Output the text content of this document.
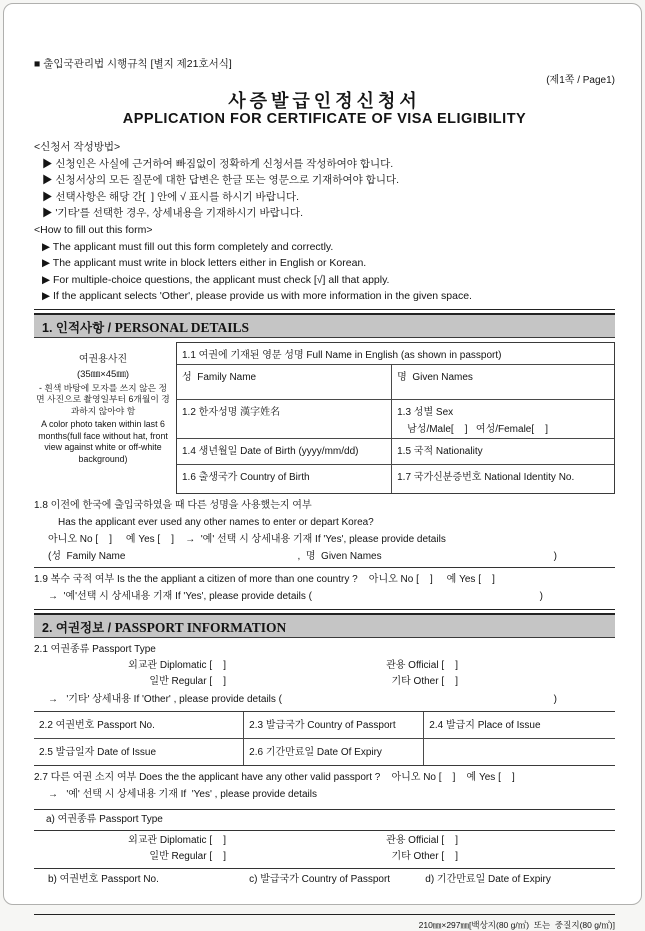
■ 출입국관리법 시행규칙 [별지 제21호서식]
(제1쪽 / Page1)
사증발급인정신청서
APPLICATION FOR CERTIFICATE OF VISA ELIGIBILITY
<신청서 작성방법>
▶ 신청인은 사실에 근거하여 빠짐없이 정확하게 신청서를 작성하여야 합니다.
▶ 신청서상의 모든 질문에 대한 답변은 한글 또는 영문으로 기재하여야 합니다.
▶ 선택사항은 해당 간[  ] 안에 √ 표시를 하시기 바랍니다.
▶ '기타'를 선택한 경우, 상세내용을 기재하시기 바랍니다.
<How to fill out this form>
▶ The applicant must fill out this form completely and correctly.
▶ The applicant must write in block letters either in English or Korean.
▶ For multiple-choice questions, the applicant must check [√] all that apply.
▶ If the applicant selects 'Other', please provide us with more information in the given space.
1. 인적사항 / PERSONAL DETAILS
여권용사진
(35㎜×45㎜)
- 흰색 바탕에 모자를 쓰지 않은 정면 사진으로 촬영일부터 6개월이 경과하지 않아야 함
A color photo taken within last 6 months(full face without hat, front view against white or off-white background)
1.1 여권에 기재된 영문 성명 Full Name in English (as shown in passport)
성  Family Name	명  Given Names
1.2 한자성명 漢字姓名	1.3 성별 Sex
남성/Male[    ]   여성/Female[    ]
1.4 생년월일 Date of Birth (yyyy/mm/dd)	1.5 국적 Nationality
1.6 출생국가 Country of Birth	1.7 국가신분증번호 National Identity No.
1.8 이전에 한국에 출입국하였을 때 다른 성명을 사용했는지 여부
Has the applicant ever used any other names to enter or depart Korea?
아니오 No [    ]     예 Yes [    ]    →  '예' 선택 시 상세내용 기재 If 'Yes', please provide details
(성  Family Name	,  명  Given Names	)
1.9 복수 국적 여부 Is the the appliant a citizen of more than one country ?    아니오 No [    ]     예 Yes [    ]
→  '예'선택 시 상세내용 기재 If 'Yes', please provide details (	)
2. 여권정보 / PASSPORT INFORMATION
2.1 여권종류 Passport Type
외교관 Diplomatic [    ]	관용 Official [    ]
일반 Regular [    ]	기타 Other [    ]
→   '기타' 상세내용 If 'Other' , please provide details (	)
2.2 여권번호 Passport No.	2.3 발급국가 Country of Passport	2.4 발급지 Place of Issue
2.5 발급일자 Date of Issue	2.6 기간만료일 Date Of Expiry
2.7 다른 여권 소지 여부 Does the the applicant have any other valid passport ?    아니오 No [    ]    예 Yes [    ]
→   '예' 선택 시 상세내용 기재 If  'Yes' , please provide details
a) 여권종류 Passport Type
외교관 Diplomatic [    ]	관용 Official [    ]
일반 Regular [    ]	기타 Other [    ]
b) 여권번호 Passport No.	c) 발급국가 Country of Passport	d) 기간만료일 Date of Expiry
210㎜×297㎜[백상지(80 g/㎡)  또는  중질지(80 g/㎡)]
